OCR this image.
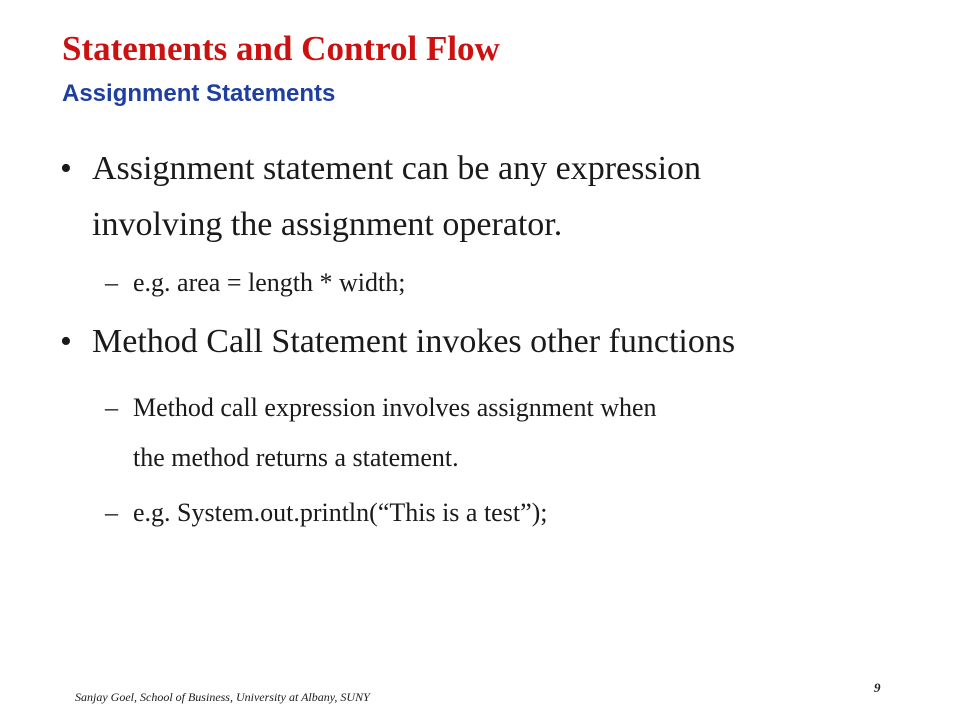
Statements and Control Flow
Assignment Statements
• Assignment statement can be any expression
involving the assignment operator.
– e.g. area = length * width;
• Method Call Statement invokes other functions
– Method call expression involves assignment when
the method returns a statement.
– e.g. System.out.println(“This is a test”);
Sanjay Goel, School of Business, University at Albany, SUNY
9
